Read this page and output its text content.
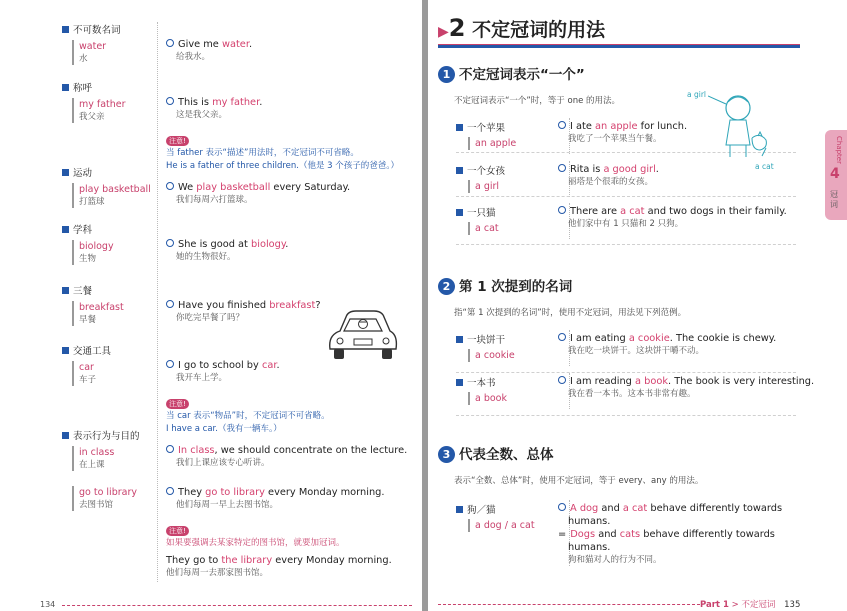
不可数名词
water
水
Give me water.
给我水。
称呼
my father
我父亲
This is my father.
这是我父亲。
注意!
当 father 表示“描述”用法时，不定冠词不可省略。
He is a father of three children.（他是 3 个孩子的爸爸。）
运动
play basketball
打篮球
We play basketball every Saturday.
我们每周六打篮球。
学科
biology
生物
She is good at biology.
她的生物很好。
三餐
breakfast
早餐
Have you finished breakfast?
你吃完早餐了吗？
交通工具
car
车子
I go to school by car.
我开车上学。
注意!
当 car 表示“物品”时，不定冠词不可省略。
I have a car.（我有一辆车。）
表示行为与目的
in class
在上课
In class, we should concentrate on the lecture.
我们上课应该专心听讲。
go to library
去图书馆
They go to library every Monday morning.
他们每周一早上去图书馆。
注意!
如果要强调去某家特定的图书馆，就要加冠词。
They go to the library every Monday morning.
他们每周一去那家图书馆。
134
▶2 不定冠词的用法
Chapter
4
冠词
1 不定冠词表示“一个”
不定冠词表示“一个”时，等于 one 的用法。
一个苹果
an apple
I ate an apple for lunch.
我吃了一个苹果当午餐。
一个女孩
a girl
Rita is a good girl.
丽塔是个很乖的女孩。
一只猫
a cat
There are a cat and two dogs in their family.
他们家中有 1 只猫和 2 只狗。
2 第 1 次提到的名词
指“第 1 次提到的名词”时，使用不定冠词，用法见下列范例。
一块饼干
a cookie
I am eating a cookie. The cookie is chewy.
我在吃一块饼干。这块饼干嚼不动。
一本书
a book
I am reading a book. The book is very interesting.
我在看一本书。这本书非常有趣。
3 代表全数、总体
表示“全数、总体”时，使用不定冠词，等于 every、any 的用法。
狗／猫
a dog / a cat
A dog and a cat behave differently towards
humans.
= Dogs and cats behave differently towards
humans.
狗和猫对人的行为不同。
a girl
a cat
Part 1 > 不定冠词 135
